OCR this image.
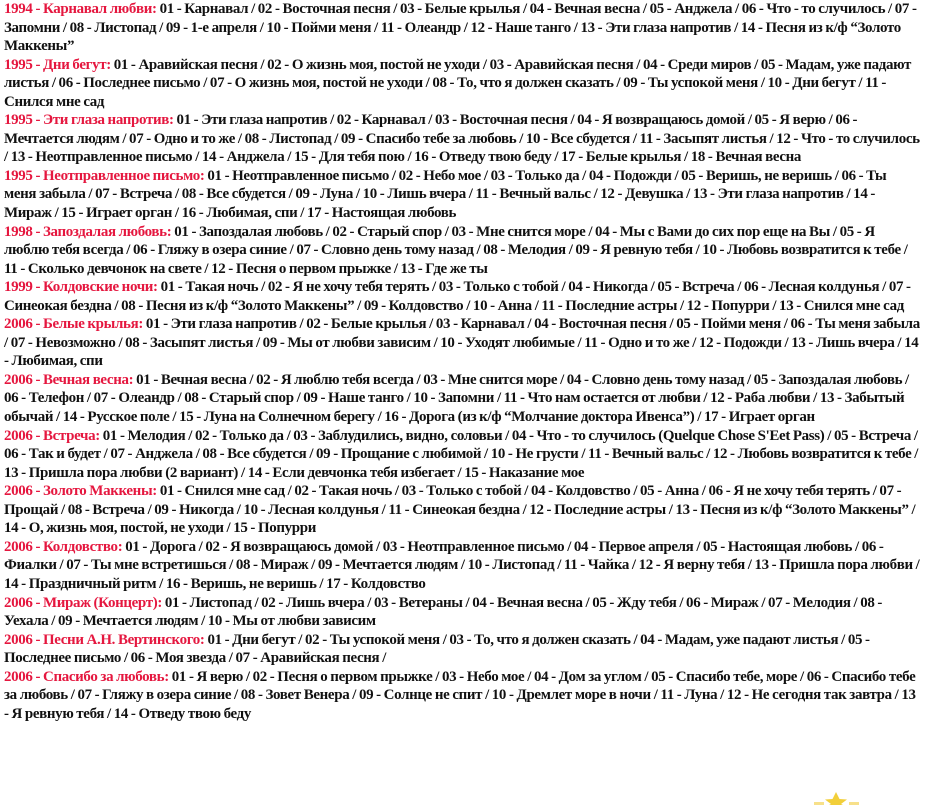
1994 - Карнавал любви: 01 - Карнавал / 02 - Восточная песня / 03 - Белые крылья / 04 - Вечная весна / 05 - Анджела / 06 - Что - то случилось / 07 - Запомни / 08 - Листопад / 09 - 1-е апреля / 10 - Пойми меня / 11 - Олеандр / 12 - Наше танго / 13 - Эти глаза напротив / 14 - Песня из к/ф “Золото Маккены”

1995 - Дни бегут: 01 - Аравийская песня / 02 - О жизнь моя, постой не уходи / 03 - Аравийская песня / 04 - Среди миров / 05 - Мадам, уже падают листья / 06 - Последнее письмо / 07 - О жизнь моя, постой не уходи / 08 - То, что я должен сказать / 09 - Ты успокой меня / 10 - Дни бегут / 11 - Снился мне сад

1995 - Эти глаза напротив: 01 - Эти глаза напротив / 02 - Карнавал / 03 - Восточная песня / 04 - Я возвращаюсь домой / 05 - Я верю / 06 - Мечтается людям / 07 - Одно и то же / 08 - Листопад / 09 - Спасибо тебе за любовь / 10 - Все сбудется / 11 - Засыпят листья / 12 - Что - то случилось / 13 - Неотправленное письмо / 14 - Анджела / 15 - Для тебя пою / 16 - Отведу твою беду / 17 - Белые крылья / 18 - Вечная весна

1995 - Неотправленное письмо: 01 - Неотправленное письмо / 02 - Небо мое / 03 - Только да / 04 - Подожди / 05 - Веришь, не веришь / 06 - Ты меня забыла / 07 - Встреча / 08 - Все сбудется / 09 - Луна / 10 - Лишь вчера / 11 - Вечный вальс / 12 - Девушка / 13 - Эти глаза напротив / 14 - Мираж / 15 - Играет орган / 16 - Любимая, спи / 17 - Настоящая любовь

1998 - Запоздалая любовь: 01 - Запоздалая любовь / 02 - Старый спор / 03 - Мне снится море / 04 - Мы с Вами до сих пор еще на Вы / 05 - Я люблю тебя всегда / 06 - Гляжу в озера синие / 07 - Словно день тому назад / 08 - Мелодия / 09 - Я ревную тебя / 10 - Любовь возвратится к тебе / 11 - Сколько девчонок на свете / 12 - Песня о первом прыжке / 13 - Где же ты

1999 - Колдовские ночи: 01 - Такая ночь / 02 - Я не хочу тебя терять / 03 - Только с тобой / 04 - Никогда / 05 - Встреча / 06 - Лесная колдунья / 07 - Синеокая бездна / 08 - Песня из к/ф “Золото Маккены” / 09 - Колдовство / 10 - Анна / 11 - Последние астры / 12 - Попурри / 13 - Снился мне сад

2006 - Белые крылья: 01 - Эти глаза напротив / 02 - Белые крылья / 03 - Карнавал / 04 - Восточная песня / 05 - Пойми меня / 06 - Ты меня забыла / 07 - Невозможно / 08 - Засыпят листья / 09 - Мы от любви зависим / 10 - Уходят любимые / 11 - Одно и то же / 12 - Подожди / 13 - Лишь вчера / 14 - Любимая, спи

2006 - Вечная весна: 01 - Вечная весна / 02 - Я люблю тебя всегда / 03 - Мне снится море / 04 - Словно день тому назад / 05 - Запоздалая любовь / 06 - Телефон / 07 - Олеандр / 08 - Старый спор / 09 - Наше танго / 10 - Запомни / 11 - Что нам остается от любви / 12 - Раба любви / 13 - Забытый обычай / 14 - Русское поле / 15 - Луна на Солнечном берегу / 16 - Дорога (из к/ф “Молчание доктора Ивенса”) / 17 - Играет орган

2006 - Встреча: 01 - Мелодия / 02 - Только да / 03 - Заблудились, видно, соловьи / 04 - Что - то случилось (Quelque Chose S'Eet Pass) / 05 - Встреча / 06 - Так и будет / 07 - Анджела / 08 - Все сбудется / 09 - Прощание с любимой / 10 - Не грусти / 11 - Вечный вальс / 12 - Любовь возвратится к тебе / 13 - Пришла пора любви (2 вариант) / 14 - Если девчонка тебя избегает / 15 - Наказание мое

2006 - Золото Маккены: 01 - Снился мне сад / 02 - Такая ночь / 03 - Только с тобой / 04 - Колдовство / 05 - Анна / 06 - Я не хочу тебя терять / 07 - Прощай / 08 - Встреча / 09 - Никогда / 10 - Лесная колдунья / 11 - Синеокая бездна / 12 - Последние астры / 13 - Песня из к/ф “Золото Маккены” / 14 - О, жизнь моя, постой, не уходи / 15 - Попурри

2006 - Колдовство: 01 - Дорога / 02 - Я возвращаюсь домой / 03 - Неотправленное письмо / 04 - Первое апреля / 05 - Настоящая любовь / 06 - Фиалки / 07 - Ты мне встретишься / 08 - Мираж / 09 - Мечтается людям / 10 - Листопад / 11 - Чайка / 12 - Я верну тебя / 13 - Пришла пора любви / 14 - Праздничный ритм / 16 - Веришь, не веришь / 17 - Колдовство

2006 - Мираж (Концерт): 01 - Листопад / 02 - Лишь вчера / 03 - Ветераны / 04 - Вечная весна / 05 - Жду тебя / 06 - Мираж / 07 - Мелодия / 08 - Уехала / 09 - Мечтается людям / 10 - Мы от любви зависим

2006 - Песни А.Н. Вертинского: 01 - Дни бегут / 02 - Ты успокой меня / 03 - То, что я должен сказать / 04 - Мадам, уже падают листья / 05 - Последнее письмо / 06 - Моя звезда / 07 - Аравийская песня /

2006 - Спасибо за любовь: 01 - Я верю / 02 - Песня о первом прыжке / 03 - Небо мое / 04 - Дом за углом / 05 - Спасибо тебе, море / 06 - Спасибо тебе за любовь / 07 - Гляжу в озера синие / 08 - Зовет Венера / 09 - Солнце не спит / 10 - Дремлет море в ночи / 11 - Луна / 12 - Не сегодня так завтра / 13 - Я ревную тебя / 14 - Отведу твою беду
